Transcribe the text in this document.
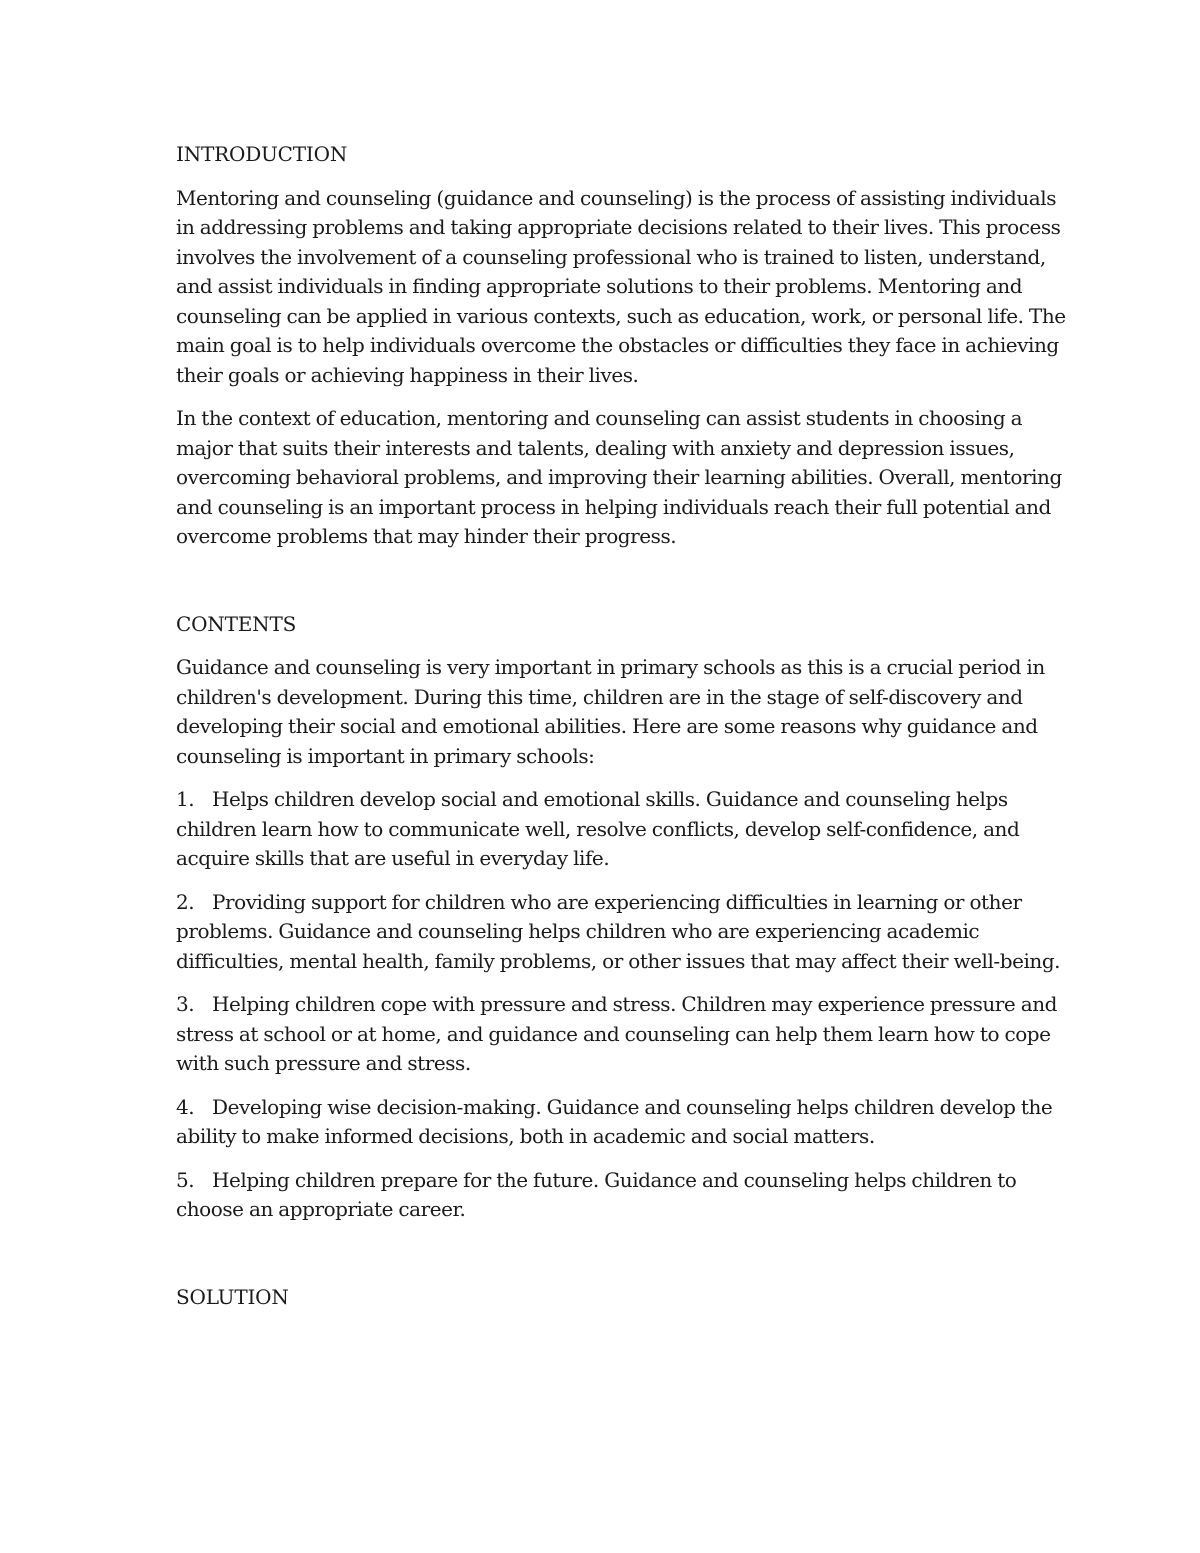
INTRODUCTION

Mentoring and counseling (guidance and counseling) is the process of assisting individuals in addressing problems and taking appropriate decisions related to their lives. This process involves the involvement of a counseling professional who is trained to listen, understand, and assist individuals in finding appropriate solutions to their problems. Mentoring and counseling can be applied in various contexts, such as education, work, or personal life. The main goal is to help individuals overcome the obstacles or difficulties they face in achieving their goals or achieving happiness in their lives.

In the context of education, mentoring and counseling can assist students in choosing a major that suits their interests and talents, dealing with anxiety and depression issues, overcoming behavioral problems, and improving their learning abilities. Overall, mentoring and counseling is an important process in helping individuals reach their full potential and overcome problems that may hinder their progress.

CONTENTS

Guidance and counseling is very important in primary schools as this is a crucial period in children's development. During this time, children are in the stage of self-discovery and developing their social and emotional abilities. Here are some reasons why guidance and counseling is important in primary schools:

1. Helps children develop social and emotional skills. Guidance and counseling helps children learn how to communicate well, resolve conflicts, develop self-confidence, and acquire skills that are useful in everyday life.

2. Providing support for children who are experiencing difficulties in learning or other problems. Guidance and counseling helps children who are experiencing academic difficulties, mental health, family problems, or other issues that may affect their well-being.

3. Helping children cope with pressure and stress. Children may experience pressure and stress at school or at home, and guidance and counseling can help them learn how to cope with such pressure and stress.

4. Developing wise decision-making. Guidance and counseling helps children develop the ability to make informed decisions, both in academic and social matters.

5. Helping children prepare for the future. Guidance and counseling helps children to choose an appropriate career.

SOLUTION
